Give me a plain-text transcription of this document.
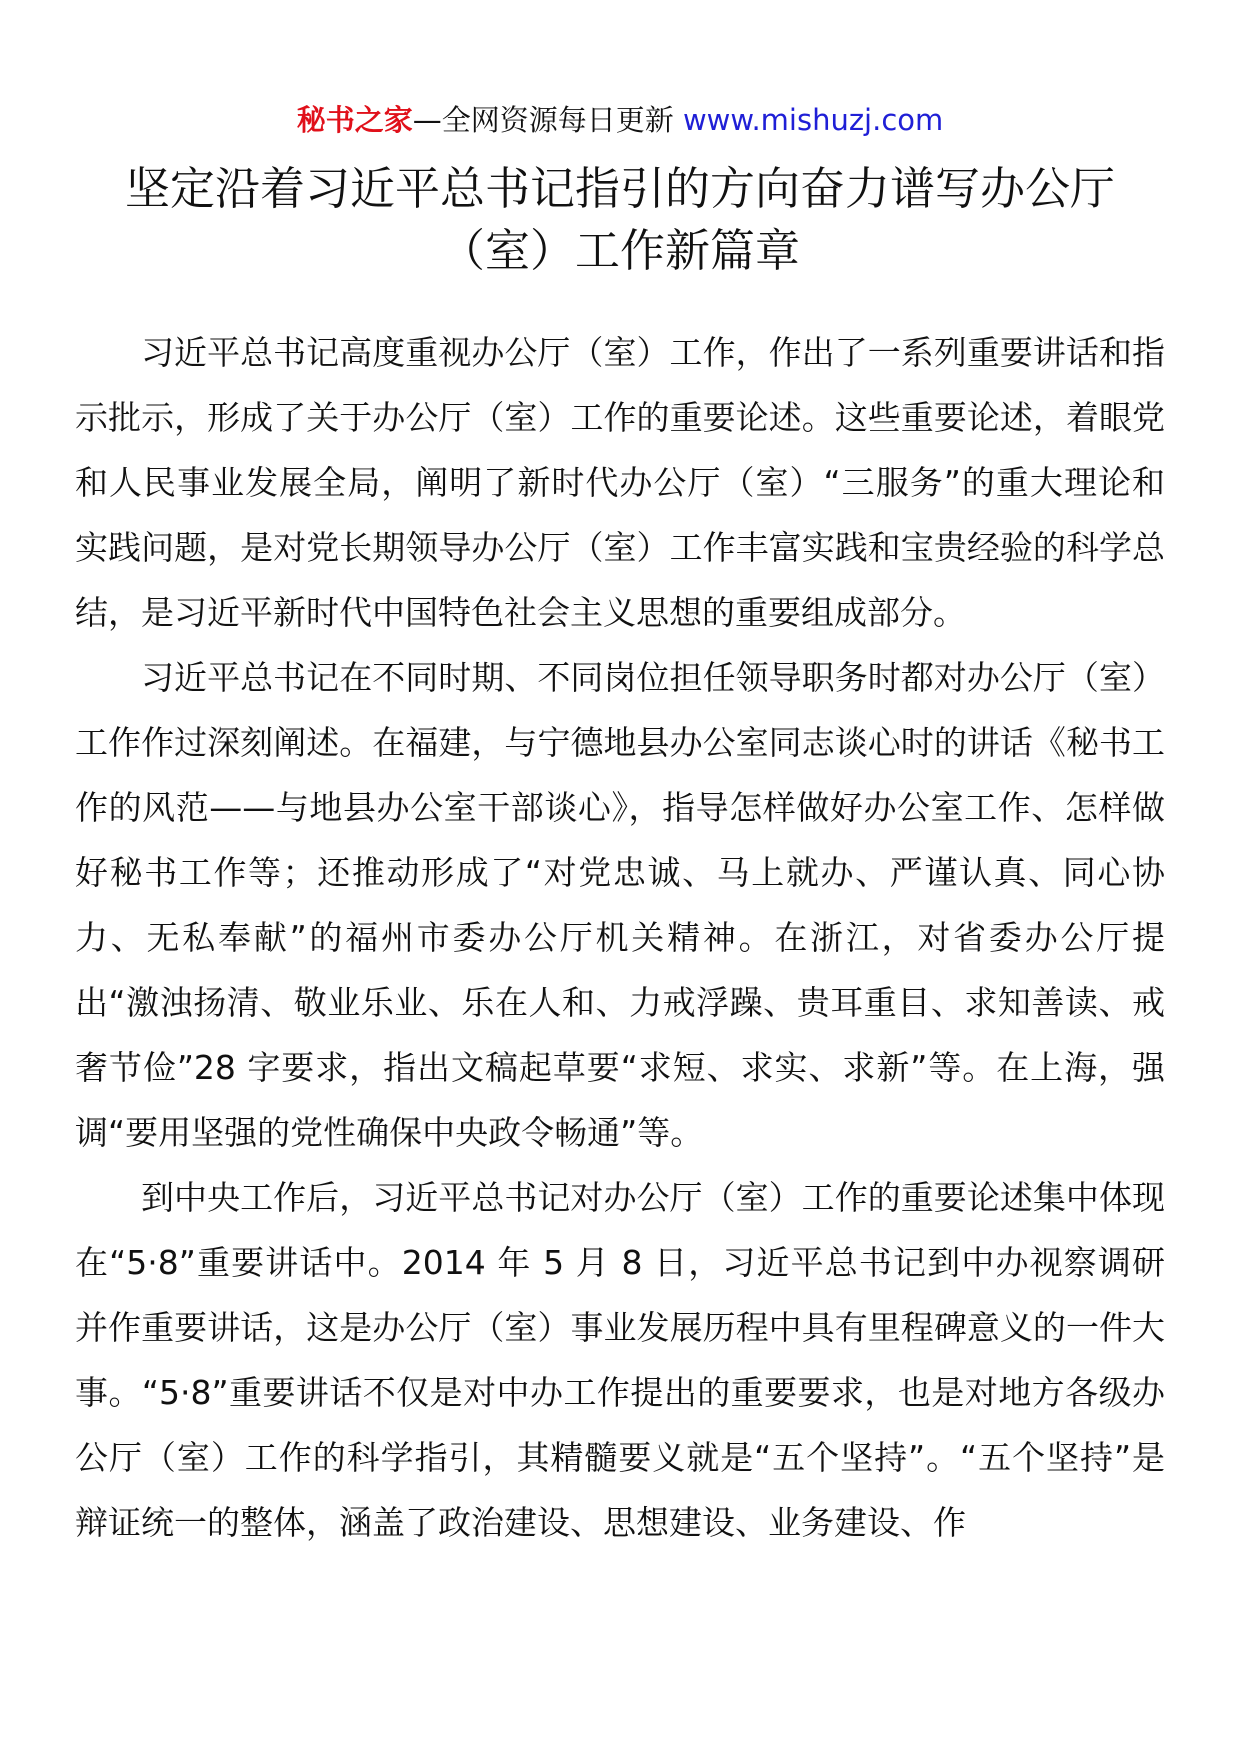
秘书之家—全网资源每日更新 www.mishuzj.com
坚定沿着习近平总书记指引的方向奋力谱写办公厅
（室）工作新篇章

习近平总书记高度重视办公厅（室）工作，作出了一系列重要讲话和指示批示，形成了关于办公厅（室）工作的重要论述。这些重要论述，着眼党和人民事业发展全局，阐明了新时代办公厅（室）“三服务”的重大理论和实践问题，是对党长期领导办公厅（室）工作丰富实践和宝贵经验的科学总结，是习近平新时代中国特色社会主义思想的重要组成部分。

习近平总书记在不同时期、不同岗位担任领导职务时都对办公厅（室）工作作过深刻阐述。在福建，与宁德地县办公室同志谈心时的讲话《秘书工作的风范——与地县办公室干部谈心》，指导怎样做好办公室工作、怎样做好秘书工作等；还推动形成了“对党忠诚、马上就办、严谨认真、同心协力、无私奉献”的福州市委办公厅机关精神。在浙江，对省委办公厅提出“激浊扬清、敬业乐业、乐在人和、力戒浮躁、贵耳重目、求知善读、戒奢节俭”28 字要求，指出文稿起草要“求短、求实、求新”等。在上海，强调“要用坚强的党性确保中央政令畅通”等。

到中央工作后，习近平总书记对办公厅（室）工作的重要论述集中体现在“5·8”重要讲话中。2014 年 5 月 8 日，习近平总书记到中办视察调研并作重要讲话，这是办公厅（室）事业发展历程中具有里程碑意义的一件大事。“5·8”重要讲话不仅是对中办工作提出的重要要求，也是对地方各级办公厅（室）工作的科学指引，其精髓要义就是“五个坚持”。“五个坚持”是辩证统一的整体，涵盖了政治建设、思想建设、业务建设、作
